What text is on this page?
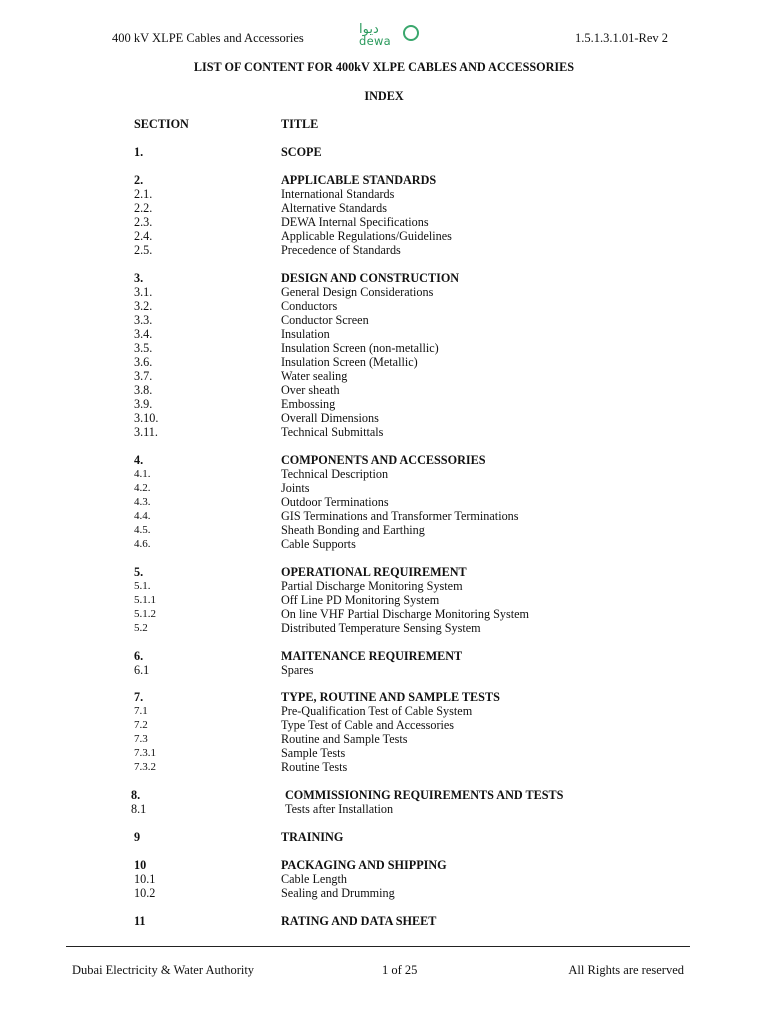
400 kV XLPE Cables and Accessories
ديوا
dewa	1.5.1.3.1.01-Rev 2
LIST OF CONTENT FOR 400kV XLPE CABLES AND ACCESSORIES
INDEX
SECTION	TITLE
1.	SCOPE
2.	APPLICABLE STANDARDS
2.1.	International Standards
2.2.	Alternative Standards
2.3.	DEWA Internal Specifications
2.4.	Applicable Regulations/Guidelines
2.5.	Precedence of Standards
3.	DESIGN AND CONSTRUCTION
3.1.	General Design Considerations
3.2.	Conductors
3.3.	Conductor Screen
3.4.	Insulation
3.5.	Insulation Screen (non-metallic)
3.6.	Insulation Screen (Metallic)
3.7.	Water sealing
3.8.	Over sheath
3.9.	Embossing
3.10.	Overall Dimensions
3.11.	Technical Submittals
4.	COMPONENTS AND ACCESSORIES
4.1.	Technical Description
4.2.	Joints
4.3.	Outdoor Terminations
4.4.	GIS Terminations and Transformer Terminations
4.5.	Sheath Bonding and Earthing
4.6.	Cable Supports
5.	OPERATIONAL REQUIREMENT
5.1.	Partial Discharge Monitoring System
5.1.1	Off Line PD Monitoring System
5.1.2	On line VHF Partial Discharge Monitoring System
5.2	Distributed Temperature Sensing System
6.	MAITENANCE REQUIREMENT
6.1	Spares
7.	TYPE, ROUTINE AND SAMPLE TESTS
7.1	Pre-Qualification Test of Cable System
7.2	Type Test of Cable and Accessories
7.3	Routine and Sample Tests
7.3.1	Sample Tests
7.3.2	Routine Tests
8.	COMMISSIONING REQUIREMENTS AND TESTS
8.1	Tests after Installation
9	TRAINING
10	PACKAGING AND SHIPPING
10.1	Cable Length
10.2	Sealing and Drumming
11	RATING AND DATA SHEET
Dubai Electricity & Water Authority	1 of 25	All Rights are reserved
